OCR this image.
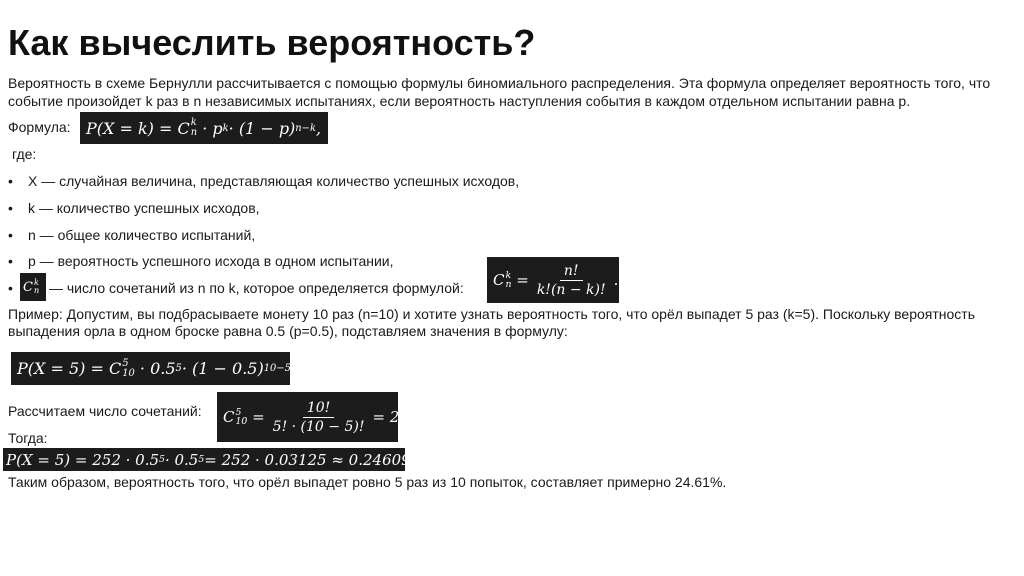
Как вычеслить вероятность?
Вероятность в схеме Бернулли рассчитывается с помощью формулы биномиального распределения. Эта формула определяет вероятность того, что
событие произойдет k раз в n независимых испытаниях, если вероятность наступления события в каждом отдельном испытании равна p.
Формула: P(X = k) = C k
n · p k · (1 − p) n−k ,
где:
• X — случайная величина, представляющая количество успешных исходов,
• k — количество успешных исходов,
• n — общее количество испытаний,
• p — вероятность успешного исхода в одном испытании,
• C k
n — число сочетаний из n по k, которое определяется формулой:	C k
$n = \frac{n!}{k!(n - k)!}$ .
Пример: Допустим, вы подбрасываете монету 10 раз (n=10) и хотите узнать вероятность того, что орёл выпадет 5 раз (k=5). Поскольку вероятность
выпадения орла в одном броске равна 0.5 (p=0.5), подставляем значения в формулу:
P(X = 5) = C 5
10 · 0.5 5 · (1 − 0.5) 10−5 .
Рассчитаем число сочетаний:	C 5
$10 = \frac{10!}{5! \cdot (10 - 5)!} = 252$.
Тогда:
P(X = 5) = 252 · 0.5 5 · 0.5 5 = 252 · 0.03125 ≈ 0.24609.
Таким образом, вероятность того, что орёл выпадет ровно 5 раз из 10 попыток, составляет примерно 24.61%.
